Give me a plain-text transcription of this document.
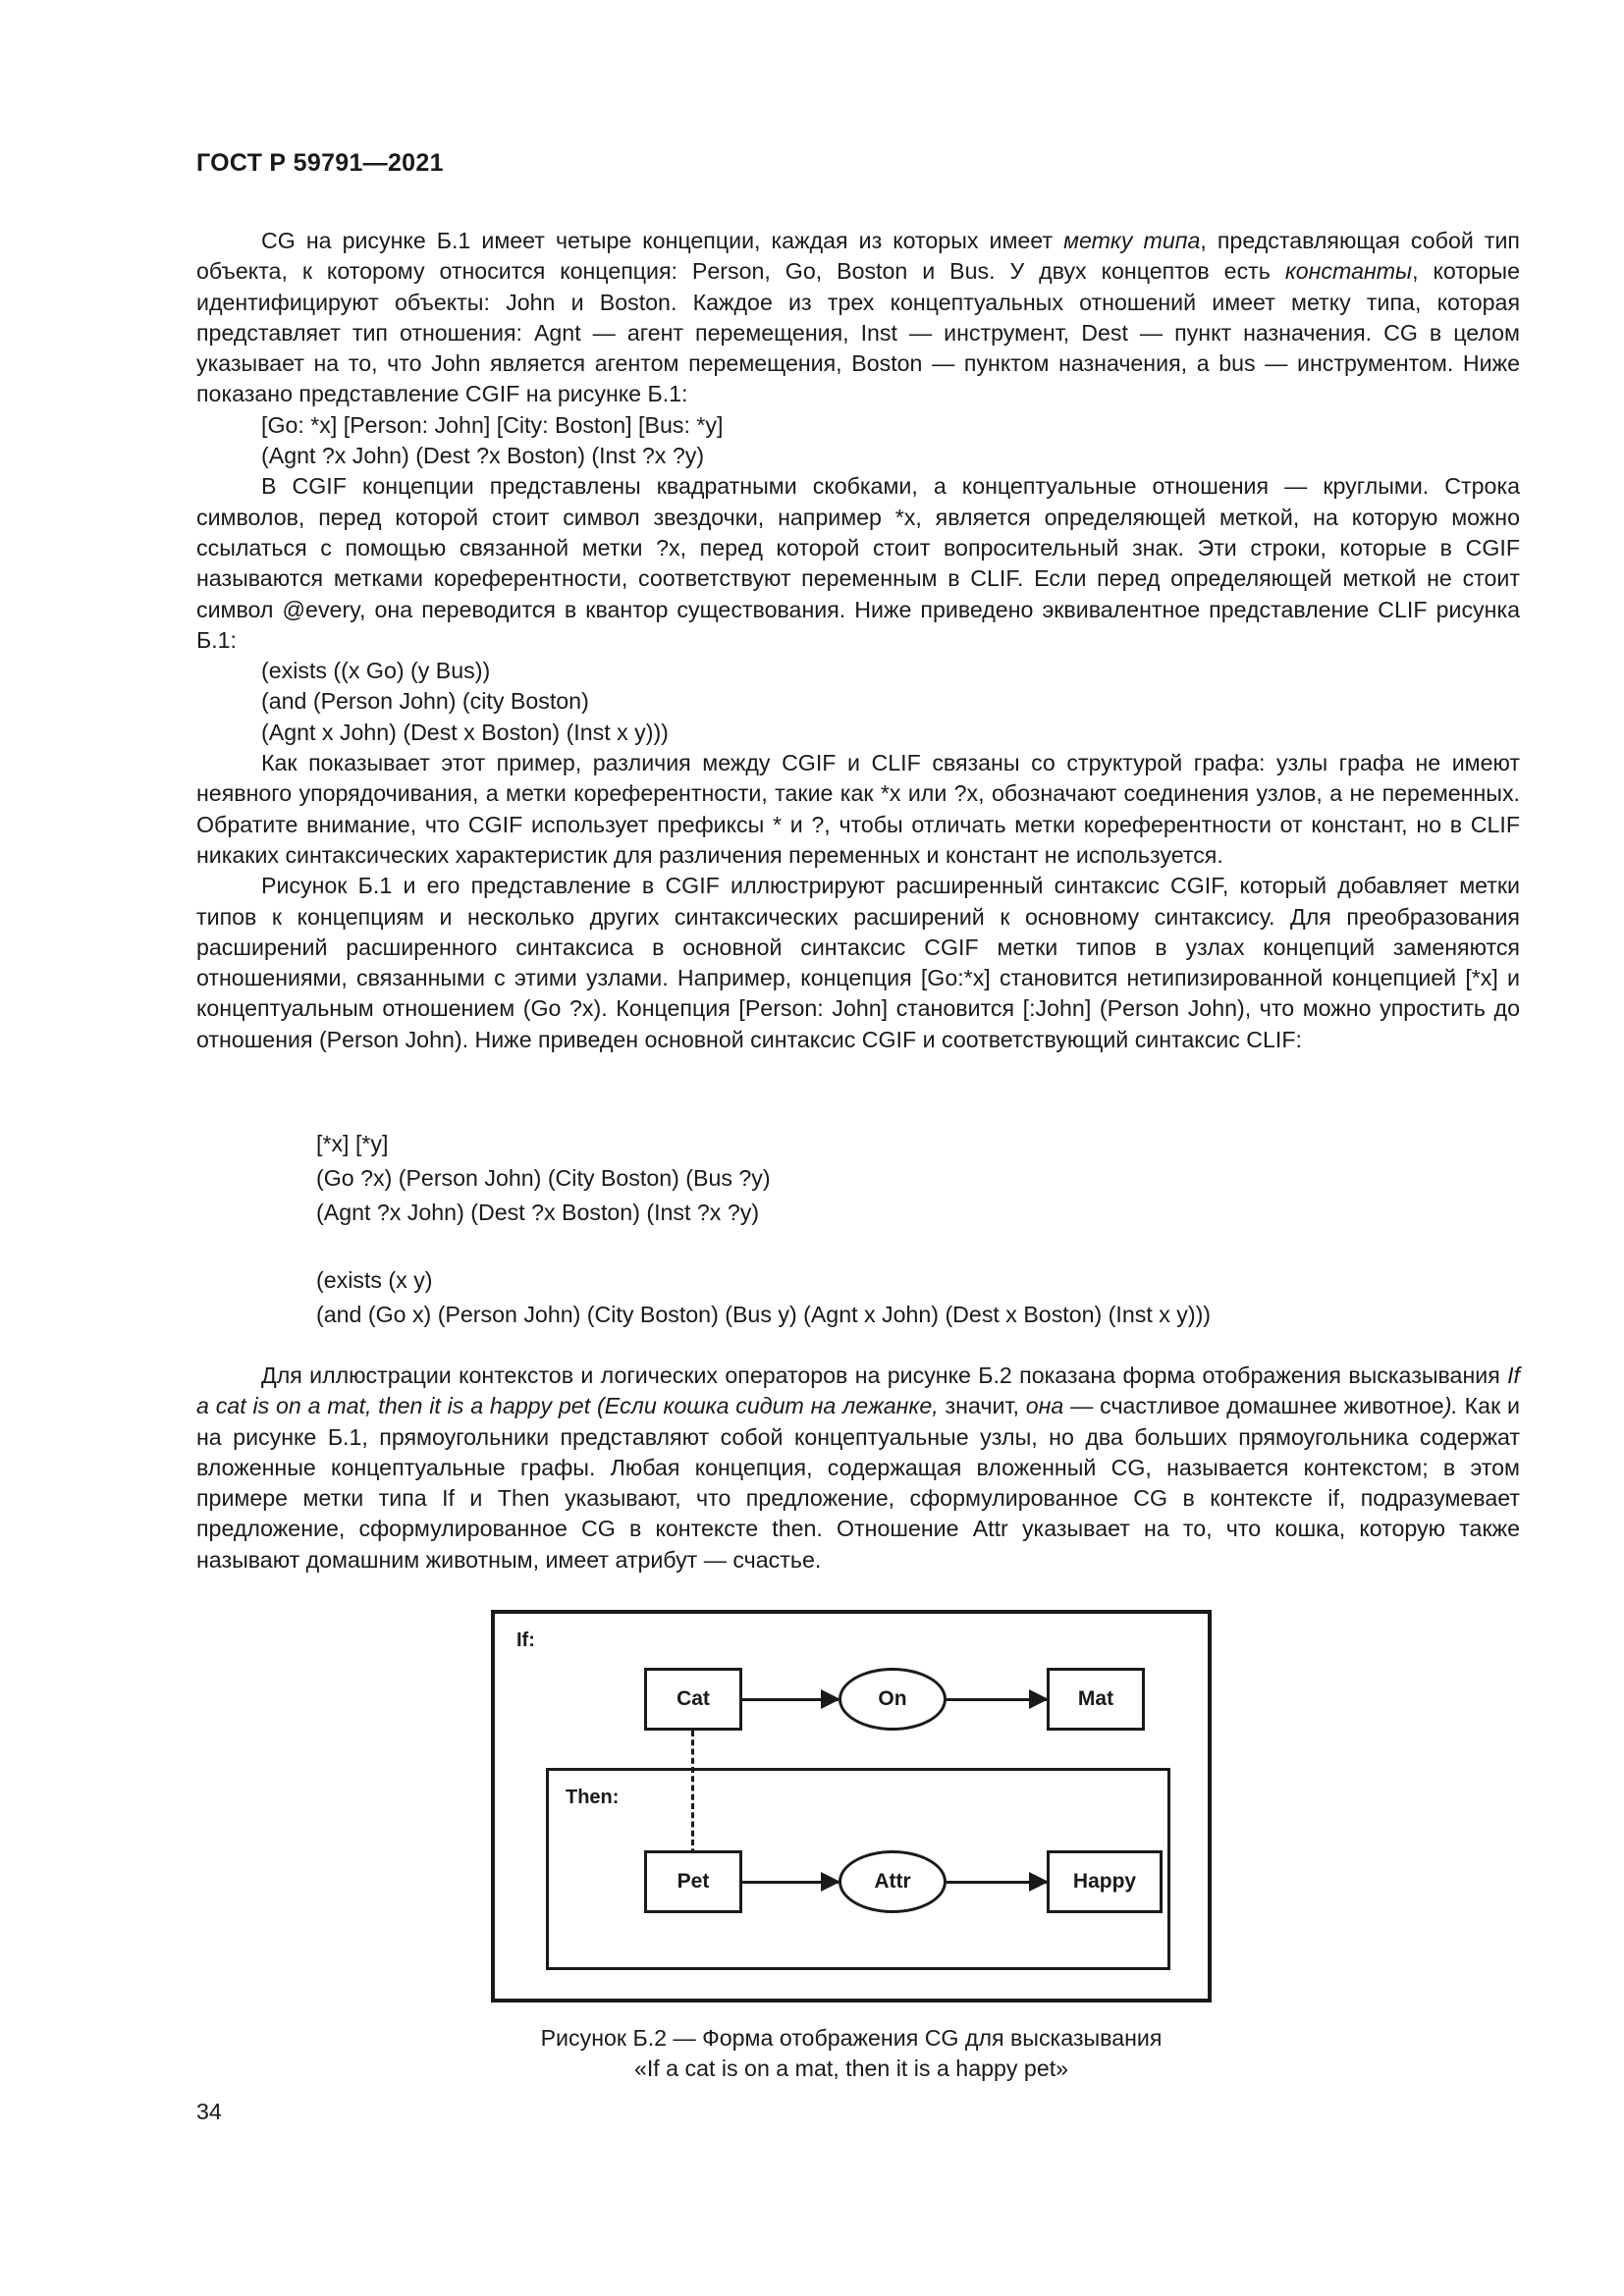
ГОСТ Р 59791—2021

CG на рисунке Б.1 имеет четыре концепции, каждая из которых имеет метку типа, представляющая собой тип объекта, к которому относится концепция: Person, Go, Boston и Bus. У двух концептов есть константы, которые идентифицируют объекты: John и Boston. Каждое из трех концептуальных отношений имеет метку типа, которая представляет тип отношения: Agnt — агент перемещения, Inst — инструмент, Dest — пункт назначения. CG в целом указывает на то, что John является агентом перемещения, Boston — пунктом назначения, а bus — инструментом. Ниже показано представление CGIF на рисунке Б.1:

[Go: *x] [Person: John] [City: Boston] [Bus: *y]

(Agnt ?x John) (Dest ?x Boston) (Inst ?x ?y)

В CGIF концепции представлены квадратными скобками, а концептуальные отношения — круглыми. Строка символов, перед которой стоит символ звездочки, например *x, является определяющей меткой, на которую можно ссылаться с помощью связанной метки ?x, перед которой стоит вопросительный знак. Эти строки, которые в CGIF называются метками кореферентности, соответствуют переменным в CLIF. Если перед определяющей меткой не стоит символ @every, она переводится в квантор существования. Ниже приведено эквивалентное представление CLIF рисунка Б.1:

(exists ((x Go) (y Bus))

(and (Person John) (city Boston)

(Agnt x John) (Dest x Boston) (Inst x y)))

Как показывает этот пример, различия между CGIF и CLIF связаны со структурой графа: узлы графа не имеют неявного упорядочивания, а метки кореферентности, такие как *x или ?x, обозначают соединения узлов, а не переменных. Обратите внимание, что CGIF использует префиксы * и ?, чтобы отличать метки кореферентности от констант, но в CLIF никаких синтаксических характеристик для различения переменных и констант не используется.

Рисунок Б.1 и его представление в CGIF иллюстрируют расширенный синтаксис CGIF, который добавляет метки типов к концепциям и несколько других синтаксических расширений к основному синтаксису. Для преобразования расширений расширенного синтаксиса в основной синтаксис CGIF метки типов в узлах концепций заменяются отношениями, связанными с этими узлами. Например, концепция [Go:*x] становится нетипизированной концепцией [*x] и концептуальным отношением (Go ?x). Концепция [Person: John] становится [:John] (Person John), что можно упростить до отношения (Person John). Ниже приведен основной синтаксис CGIF и соответствующий синтаксис CLIF:

[*x] [*y]

(Go ?x) (Person John) (City Boston) (Bus ?y)

(Agnt ?x John) (Dest ?x Boston) (Inst ?x ?y)

(exists (x y)

(and (Go x) (Person John) (City Boston) (Bus y) (Agnt x John) (Dest x Boston) (Inst x y)))

Для иллюстрации контекстов и логических операторов на рисунке Б.2 показана форма отображения высказывания If a cat is on a mat, then it is a happy pet (Если кошка сидит на лежанке, значит, она — счастливое домашнее животное). Как и на рисунке Б.1, прямоугольники представляют собой концептуальные узлы, но два больших прямоугольника содержат вложенные концептуальные графы. Любая концепция, содержащая вложенный CG, называется контекстом; в этом примере метки типа If и Then указывают, что предложение, сформулированное CG в контексте if, подразумевает предложение, сформулированное CG в контексте then. Отношение Attr указывает на то, что кошка, которую также называют домашним животным, имеет атрибут — счастье.

If:
Cat	On	Mat
Then:
Pet	Attr	Happy
Рисунок Б.2 — Форма отображения CG для высказывания
«If a cat is on a mat, then it is a happy pet»
34
